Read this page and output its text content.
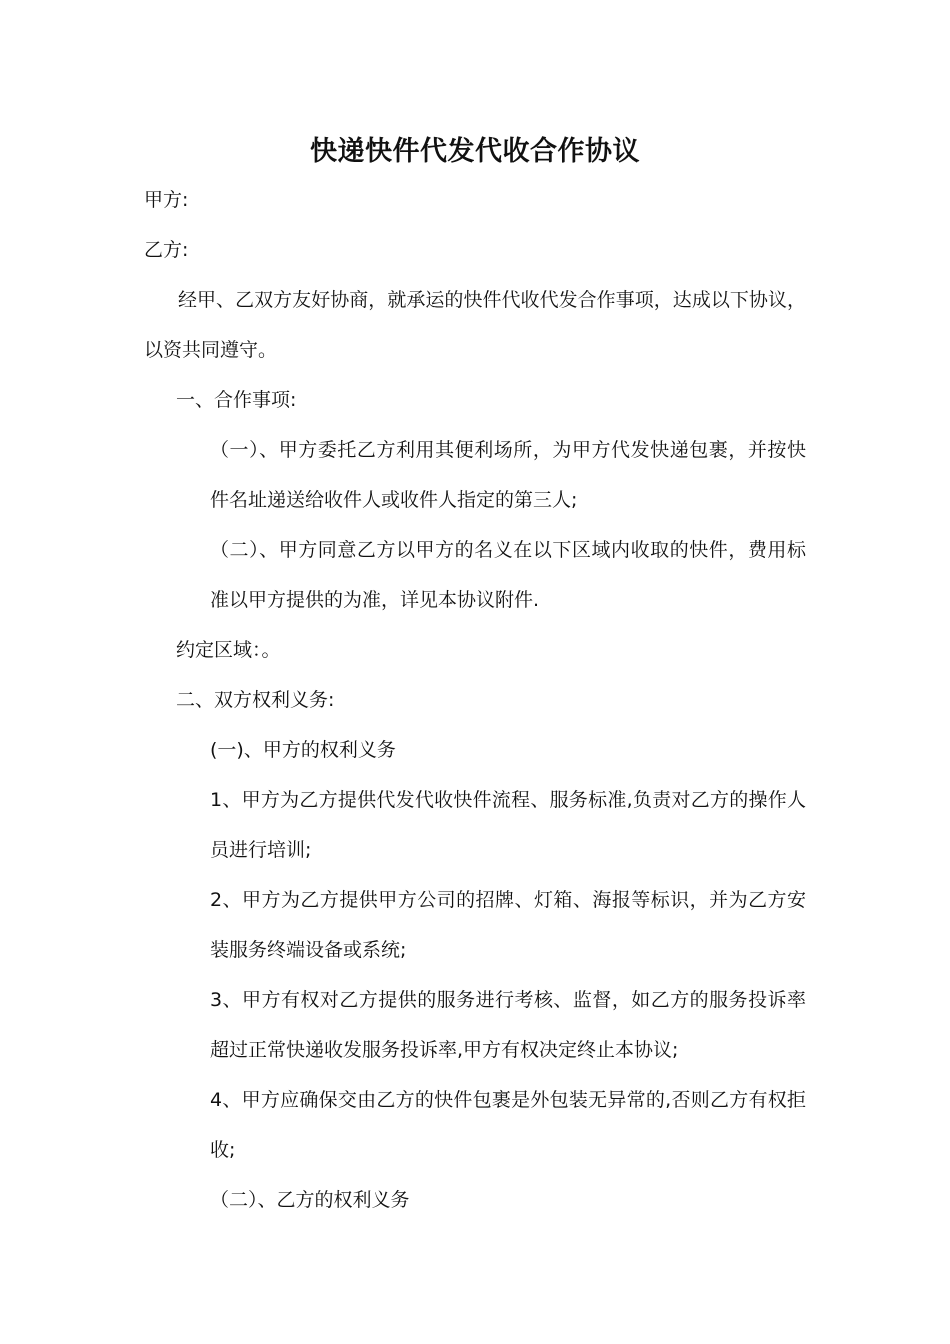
快递快件代发代收合作协议
甲方:
乙方:
经甲、乙双方友好协商，就承运的快件代收代发合作事项，达成以下协议，
以资共同遵守。
一、合作事项:
（一）、甲方委托乙方利用其便利场所，为甲方代发快递包裹，并按快
件名址递送给收件人或收件人指定的第三人;
（二）、甲方同意乙方以甲方的名义在以下区域内收取的快件，费用标
准以甲方提供的为准，详见本协议附件.
约定区域：。
二、双方权利义务:
(一)、甲方的权利义务
1、甲方为乙方提供代发代收快件流程、服务标准,负责对乙方的操作人
员进行培训;
2、甲方为乙方提供甲方公司的招牌、灯箱、海报等标识，并为乙方安
装服务终端设备或系统;
3、甲方有权对乙方提供的服务进行考核、监督，如乙方的服务投诉率
超过正常快递收发服务投诉率,甲方有权决定终止本协议;
4、甲方应确保交由乙方的快件包裹是外包装无异常的,否则乙方有权拒
收;
（二）、乙方的权利义务
